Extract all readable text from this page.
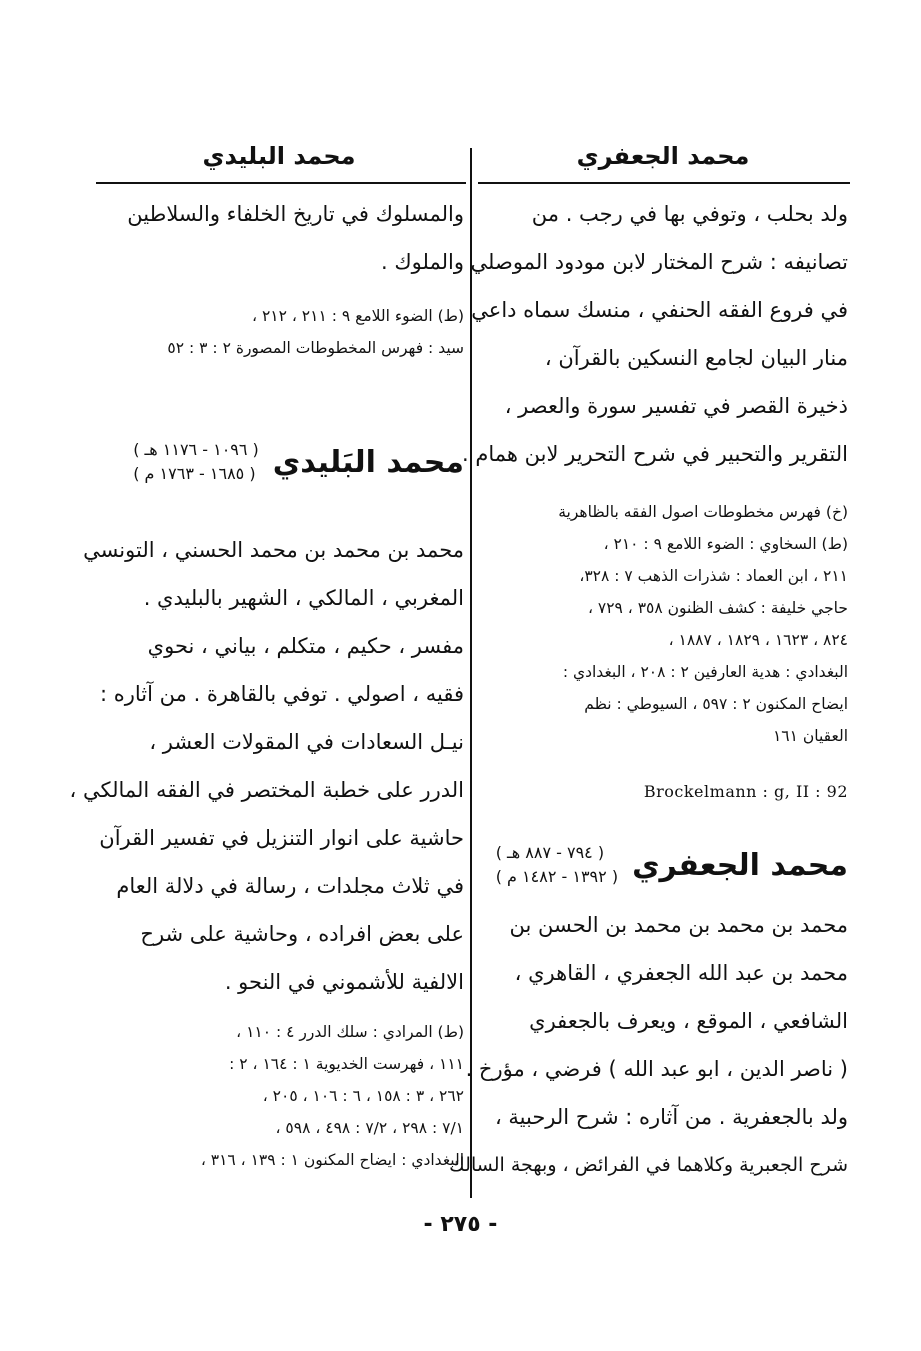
محمد الجعفري
محمد البليدي

ولد بحلب ، وتوفي بها في رجب . من

تصانيفه : شرح المختار لابن مودود الموصلي

في فروع الفقه الحنفي ، منسك سماه داعي

منار البيان لجامع النسكين بالقرآن ،

ذخيرة القصر في تفسير سورة والعصر ،

التقرير والتحبير في شرح التحرير لابن همام .

(خ) فهرس مخطوطات اصول الفقه بالظاهرية

(ط) السخاوي : الضوء اللامع ٩ : ٢١٠ ،

٢١١ ، ابن العماد : شذرات الذهب ٧ : ٣٢٨،

حاجي خليفة : كشف الظنون ٣٥٨ ، ٧٢٩ ،

٨٢٤ ، ١٦٢٣ ، ١٨٢٩ ، ١٨٨٧ ،

البغدادي : هدية العارفين ٢ : ٢٠٨ ، البغدادي :

ايضاح المكنون ٢ : ٥٩٧ ، السيوطي : نظم

العقيان ١٦١

Brockelmann : g, II : 92
محمد الجعفري
( ٧٩٤ - ٨٨٧ هـ )
( ١٣٩٢ - ١٤٨٢ م )

محمد بن محمد بن محمد بن الحسن بن

محمد بن عبد الله الجعفري ، القاهري ،

الشافعي ، الموقع ، ويعرف بالجعفري

( ناصر الدين ، ابو عبد الله ) فرضي ، مؤرخ .

ولد بالجعفرية . من آثاره : شرح الرحبية ،

شرح الجعبرية وكلاهما في الفرائض ، وبهجة السالك

والمسلوك في تاريخ الخلفاء والسلاطين

والملوك .

(ط) الضوء اللامع ٩ : ٢١١ ، ٢١٢ ،

سيد : فهرس المخطوطات المصورة ٢ : ٣ : ٥٢

محمد البَليدي
( ١٠٩٦ - ١١٧٦ هـ )
( ١٦٨٥ - ١٧٦٣ م )

محمد بن محمد بن محمد الحسني ، التونسي

المغربي ، المالكي ، الشهير بالبليدي .

مفسر ، حكيم ، متكلم ، بياني ، نحوي

فقيه ، اصولي . توفي بالقاهرة . من آثاره :

نيـل السعادات في المقولات العشر ،

الدرر على خطبة المختصر في الفقه المالكي ،

حاشية على انوار التنزيل في تفسير القرآن

في ثلاث مجلدات ، رسالة في دلالة العام

على بعض افراده ، وحاشية على شرح

الالفية للأشموني في النحو .

(ط) المرادي : سلك الدرر ٤ : ١١٠ ،

١١١ ، فهرست الخديوية ١ : ١٦٤ ، ٢ :

٢٦٢ ، ٣ : ١٥٨ ، ٦ : ١٠٦ ، ٢٠٥ ،

٧/١ : ٢٩٨ ، ٧/٢ : ٤٩٨ ، ٥٩٨ ،

البغدادي : ايضاح المكنون ١ : ١٣٩ ، ٣١٦ ،

- ٢٧٥ -
